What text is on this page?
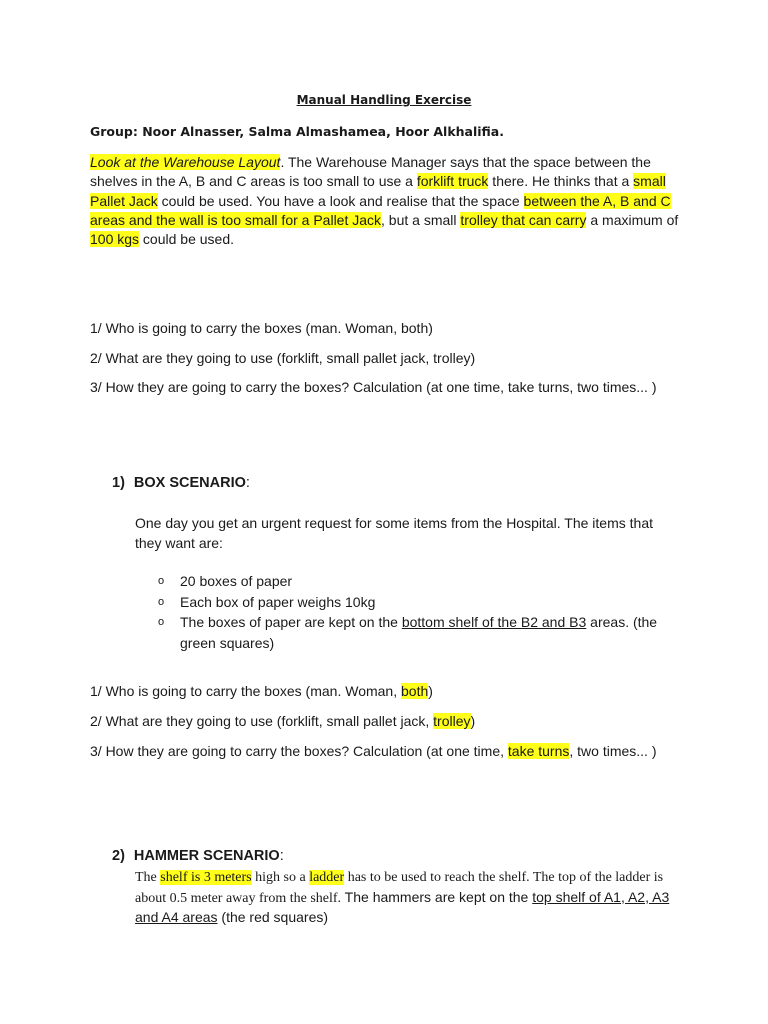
Manual Handling Exercise
Group: Noor Alnasser, Salma Almashamea, Hoor Alkhalifia.
Look at the Warehouse Layout. The Warehouse Manager says that the space between the shelves in the A, B and C areas is too small to use a forklift truck there. He thinks that a small Pallet Jack could be used. You have a look and realise that the space between the A, B and C areas and the wall is too small for a Pallet Jack, but a small trolley that can carry a maximum of 100 kgs could be used.
1/ Who is going to carry the boxes (man. Woman, both)
2/ What are they going to use (forklift, small pallet jack, trolley)
3/ How they are going to carry the boxes? Calculation (at one time, take turns, two times... )
1) BOX SCENARIO:
One day you get an urgent request for some items from the Hospital. The items that they want are:
o 20 boxes of paper
o Each box of paper weighs 10kg
o The boxes of paper are kept on the bottom shelf of the B2 and B3 areas. (the green squares)
1/ Who is going to carry the boxes (man. Woman, both)
2/ What are they going to use (forklift, small pallet jack, trolley)
3/ How they are going to carry the boxes? Calculation (at one time, take turns, two times... )
2) HAMMER SCENARIO:
The shelf is 3 meters high so a ladder has to be used to reach the shelf. The top of the ladder is about 0.5 meter away from the shelf. The hammers are kept on the top shelf of A1, A2, A3 and A4 areas (the red squares)
